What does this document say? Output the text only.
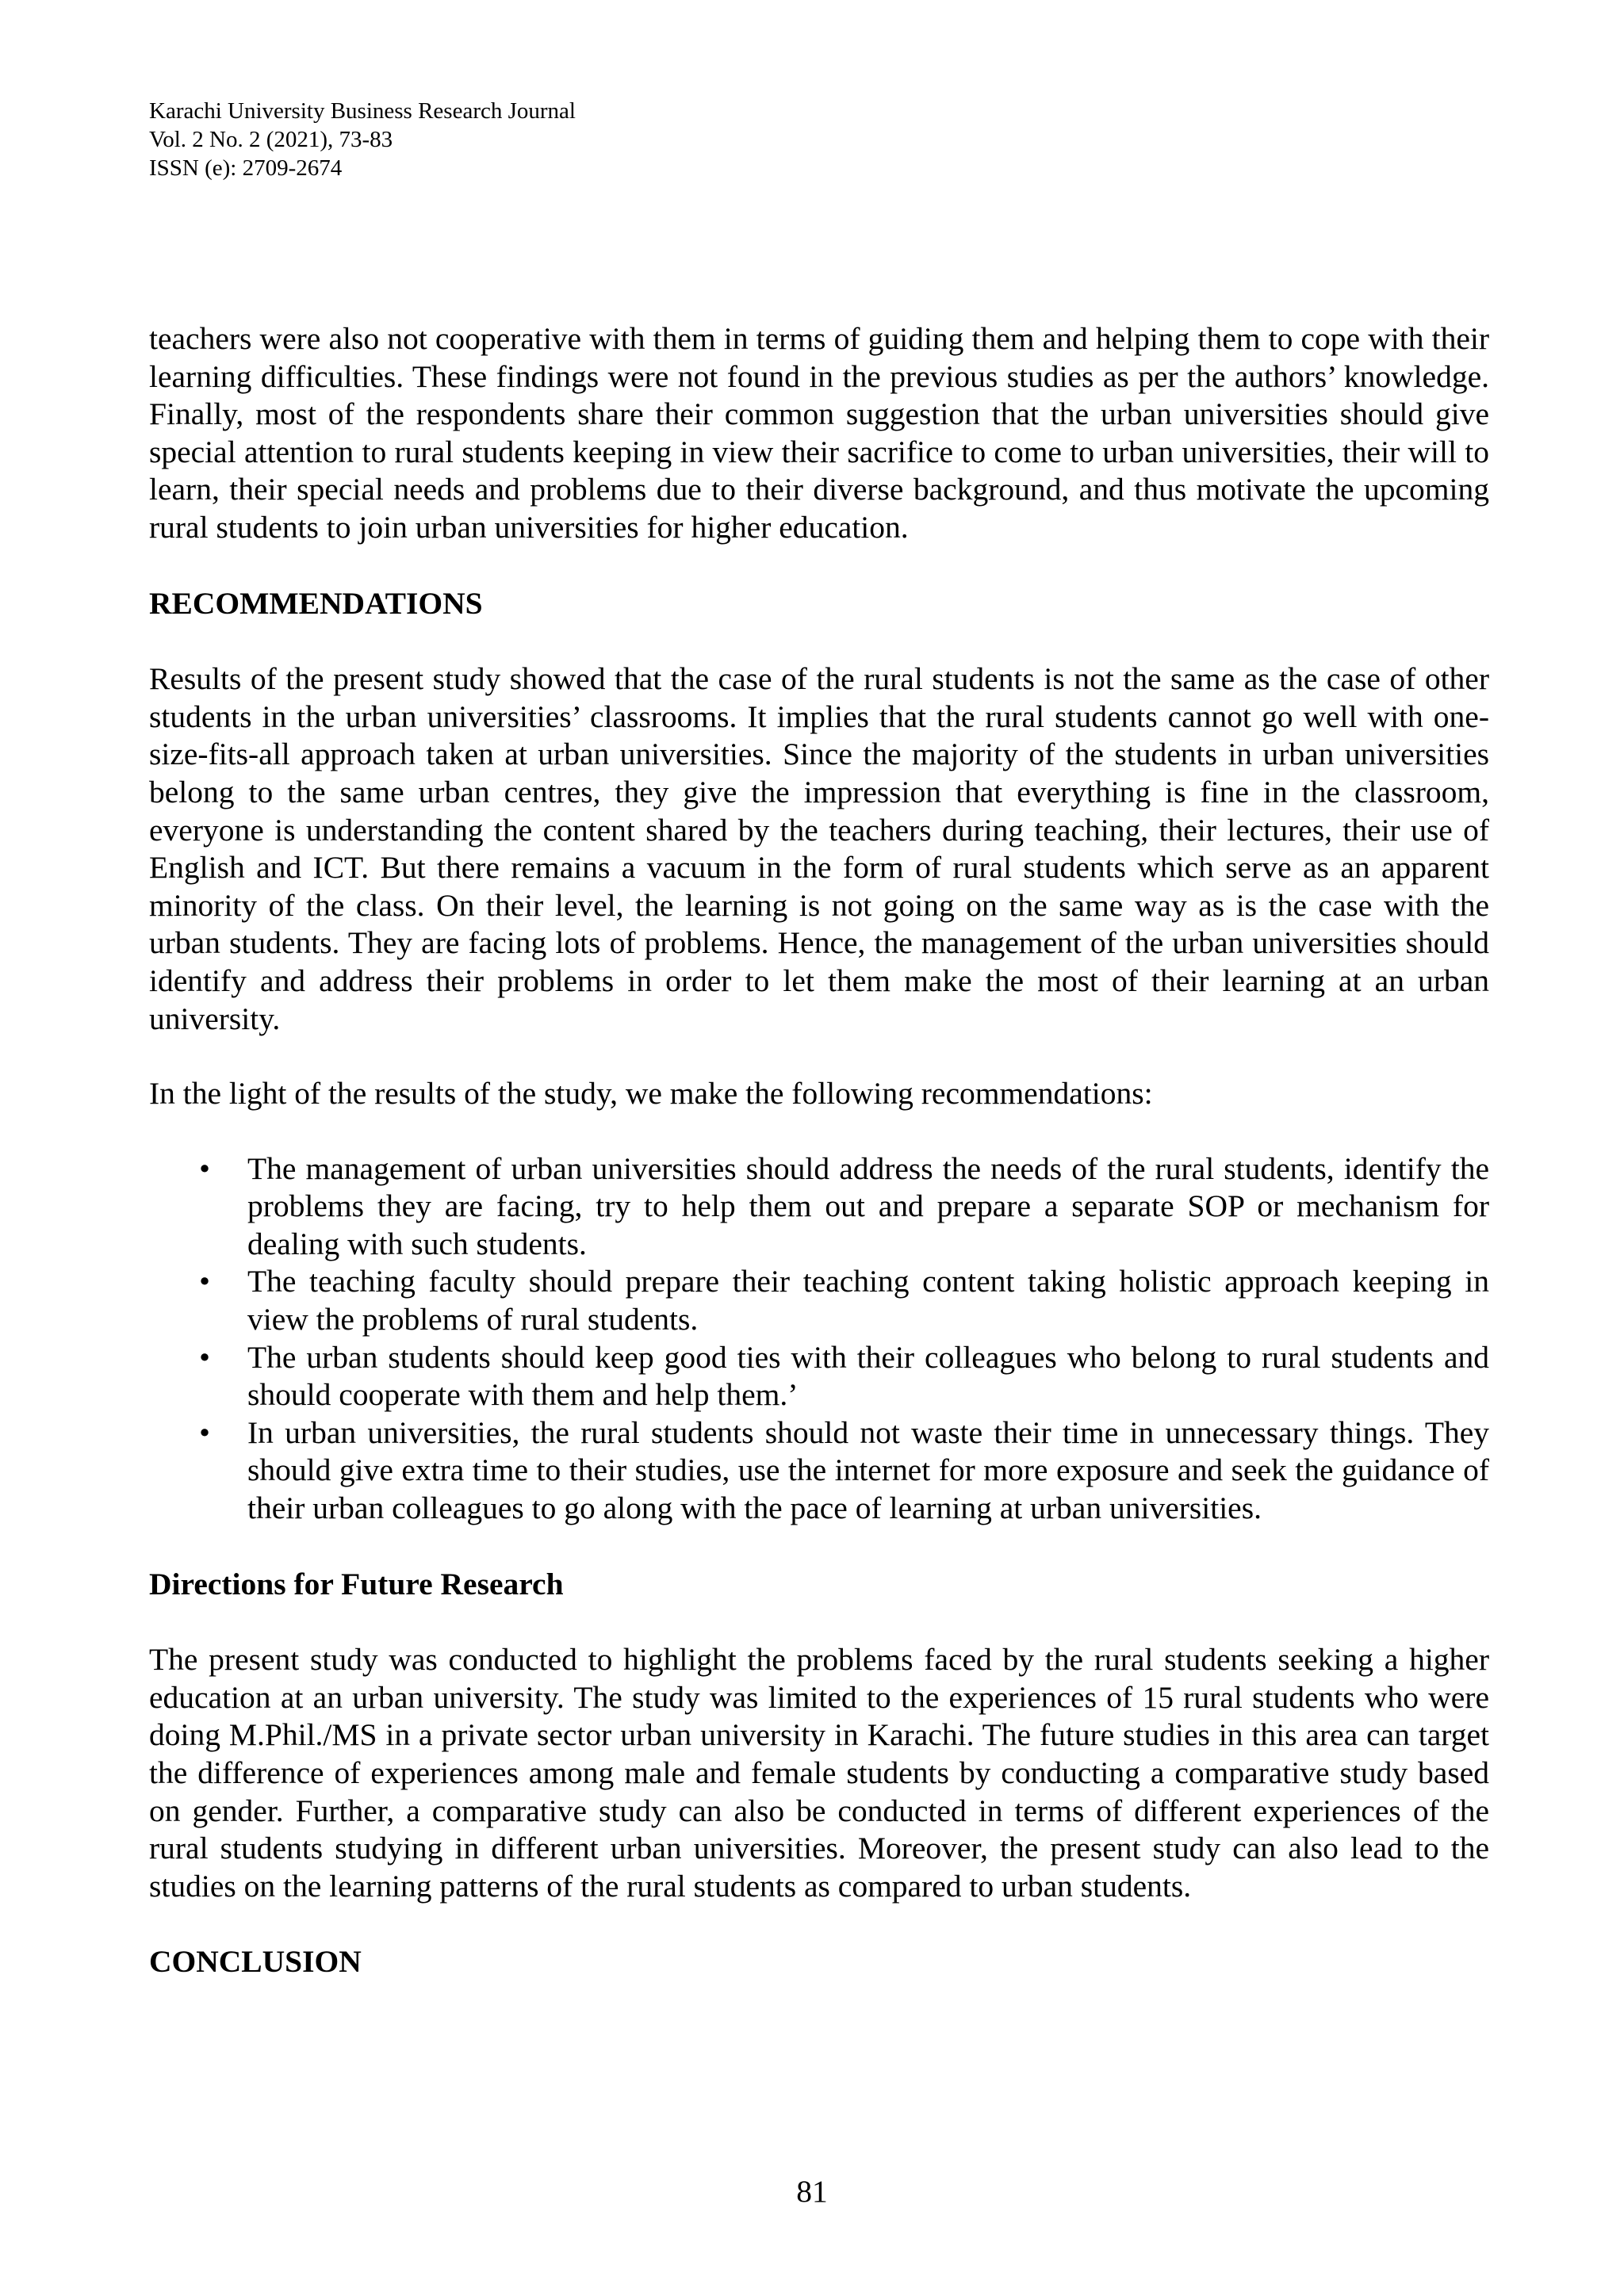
Karachi University Business Research Journal
Vol. 2 No. 2 (2021), 73-83
ISSN (e): 2709-2674

teachers were also not cooperative with them in terms of guiding them and helping them to cope with their learning difficulties. These findings were not found in the previous studies as per the authors’ knowledge. Finally, most of the respondents share their common suggestion that the urban universities should give special attention to rural students keeping in view their sacrifice to come to urban universities, their will to learn, their special needs and problems due to their diverse background, and thus motivate the upcoming rural students to join urban universities for higher education.

RECOMMENDATIONS

Results of the present study showed that the case of the rural students is not the same as the case of other students in the urban universities’ classrooms. It implies that the rural students cannot go well with one-size-fits-all approach taken at urban universities. Since the majority of the students in urban universities belong to the same urban centres, they give the impression that everything is fine in the classroom, everyone is understanding the content shared by the teachers during teaching, their lectures, their use of English and ICT. But there remains a vacuum in the form of rural students which serve as an apparent minority of the class. On their level, the learning is not going on the same way as is the case with the urban students. They are facing lots of problems. Hence, the management of the urban universities should identify and address their problems in order to let them make the most of their learning at an urban university.

In the light of the results of the study, we make the following recommendations:

• The management of urban universities should address the needs of the rural students, identify the problems they are facing, try to help them out and prepare a separate SOP or mechanism for dealing with such students.
• The teaching faculty should prepare their teaching content taking holistic approach keeping in view the problems of rural students.
• The urban students should keep good ties with their colleagues who belong to rural students and should cooperate with them and help them.’
• In urban universities, the rural students should not waste their time in unnecessary things. They should give extra time to their studies, use the internet for more exposure and seek the guidance of their urban colleagues to go along with the pace of learning at urban universities.

Directions for Future Research

The present study was conducted to highlight the problems faced by the rural students seeking a higher education at an urban university. The study was limited to the experiences of 15 rural students who were doing M.Phil./MS in a private sector urban university in Karachi. The future studies in this area can target the difference of experiences among male and female students by conducting a comparative study based on gender. Further, a comparative study can also be conducted in terms of different experiences of the rural students studying in different urban universities. Moreover, the present study can also lead to the studies on the learning patterns of the rural students as compared to urban students.

CONCLUSION

81
